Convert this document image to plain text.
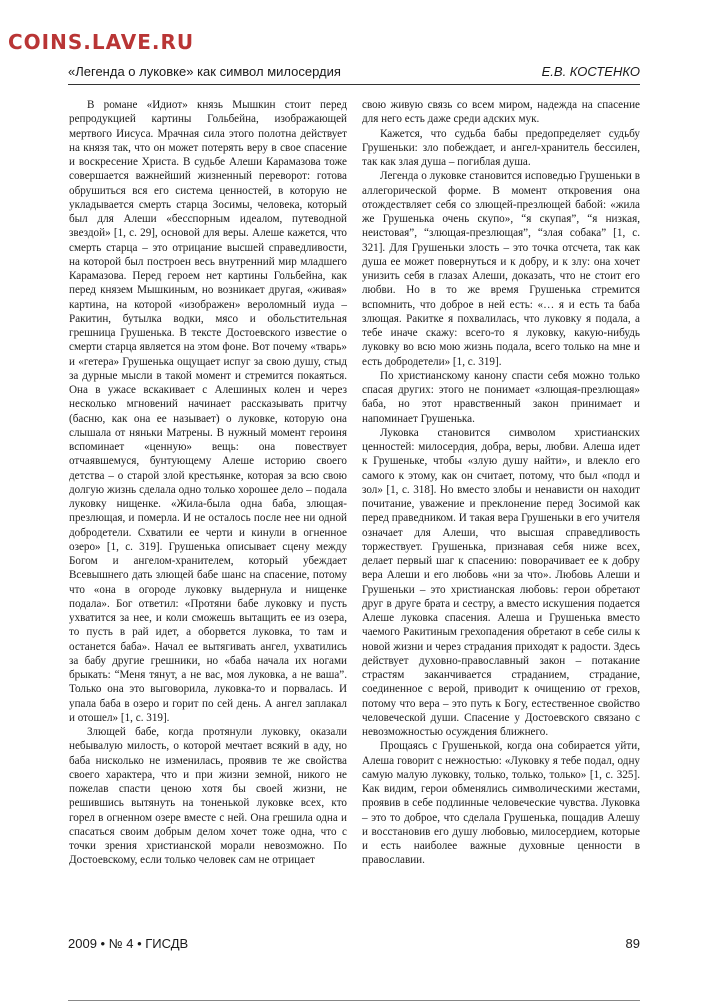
COINS.LAVE.RU
«Легенда о луковке» как символ милосердия	Е.В. КОСТЕНКО

В романе «Идиот» князь Мышкин стоит перед репродукцией картины Гольбейна, изображающей мертвого Иисуса. Мрачная сила этого полотна действует на князя так, что он может потерять веру в свое спасение и воскресение Христа. В судьбе Алеши Карамазова тоже совершается важнейший жизненный переворот: готова обрушиться вся его система ценностей, в которую не укладывается смерть старца Зосимы, человека, который был для Алеши «бесспорным идеалом, путеводной звездой» [1, с. 29], основой для веры. Алеше кажется, что смерть старца – это отрицание высшей справедливости, на которой был построен весь внутренний мир младшего Карамазова. Перед героем нет картины Гольбейна, как перед князем Мышкиным, но возникает другая, «живая» картина, на которой «изображен» вероломный иуда – Ракитин, бутылка водки, мясо и обольстительная грешница Грушенька. В тексте Достоевского известие о смерти старца является на этом фоне. Вот почему «тварь» и «гетера» Грушенька ощущает испуг за свою душу, стыд за дурные мысли в такой момент и стремится покаяться. Она в ужасе вскакивает с Алешиных колен и через несколько мгновений начинает рассказывать притчу (басню, как она ее называет) о луковке, которую она слышала от няньки Матрены. В нужный момент героиня вспоминает «ценную» вещь: она повествует отчаявшемуся, бунтующему Алеше историю своего детства – о старой злой крестьянке, которая за всю свою долгую жизнь сделала одно только хорошее дело – подала луковку нищенке. «Жила-была одна баба, злющая-презлющая, и померла. И не осталось после нее ни одной добродетели. Схватили ее черти и кинули в огненное озеро» [1, с. 319]. Грушенька описывает сцену между Богом и ангелом-хранителем, который убеждает Всевышнего дать злющей бабе шанс на спасение, потому что «она в огороде луковку выдернула и нищенке подала». Бог ответил: «Протяни бабе луковку и пусть ухватится за нее, и коли сможешь вытащить ее из озера, то пусть в рай идет, а оборвется луковка, то там и останется баба». Начал ее вытягивать ангел, ухватились за бабу другие грешники, но «баба начала их ногами брыкать: “Меня тянут, а не вас, моя луковка, а не ваша”. Только она это выговорила, луковка-то и порвалась. И упала баба в озеро и горит по сей день. А ангел заплакал и отошел» [1, с. 319].

Злющей бабе, когда протянули луковку, оказали небывалую милость, о которой мечтает всякий в аду, но баба нисколько не изменилась, проявив те же свойства своего характера, что и при жизни земной, никого не пожелав спасти ценою хотя бы своей жизни, не решившись вытянуть на тоненькой луковке всех, кто горел в огненном озере вместе с ней. Она грешила одна и спасаться своим добрым делом хочет тоже одна, что с точки зрения христианской морали невозможно. По Достоевскому, если только человек сам не отрицает

свою живую связь со всем миром, надежда на спасение для него есть даже среди адских мук.

Кажется, что судьба бабы предопределяет судьбу Грушеньки: зло побеждает, и ангел-хранитель бессилен, так как злая душа – погиблая душа.

Легенда о луковке становится исповедью Грушеньки в аллегорической форме. В момент откровения она отождествляет себя со злющей-презлющей бабой: «жила же Грушенька очень скупо», “я скупая”, “я низкая, неистовая”, “злющая-презлющая”, “злая собака” [1, с. 321]. Для Грушеньки злость – это точка отсчета, так как душа ее может повернуться и к добру, и к злу: она хочет унизить себя в глазах Алеши, доказать, что не стоит его любви. Но в то же время Грушенька стремится вспомнить, что доброе в ней есть: «… я и есть та баба злющая. Ракитке я похвалилась, что луковку я подала, а тебе иначе скажу: всего-то я луковку, какую-нибудь луковку во всю мою жизнь подала, всего только на мне и есть добродетели» [1, с. 319].

По христианскому канону спасти себя можно только спасая других: этого не понимает «злющая-презлющая» баба, но этот нравственный закон принимает и напоминает Грушенька.

Луковка становится символом христианских ценностей: милосердия, добра, веры, любви. Алеша идет к Грушеньке, чтобы «злую душу найти», и влекло его самого к этому, как он считает, потому, что был «подл и зол» [1, с. 318]. Но вместо злобы и ненависти он находит почитание, уважение и преклонение перед Зосимой как перед праведником. И такая вера Грушеньки в его учителя означает для Алеши, что высшая справедливость торжествует. Грушенька, признавая себя ниже всех, делает первый шаг к спасению: поворачивает ее к добру вера Алеши и его любовь «ни за что». Любовь Алеши и Грушеньки – это христианская любовь: герои обретают друг в друге брата и сестру, а вместо искушения подается Алеше луковка спасения. Алеша и Грушенька вместо чаемого Ракитиным грехопадения обретают в себе силы к новой жизни и через страдания приходят к радости. Здесь действует духовно-православный закон – потакание страстям заканчивается страданием, страдание, соединенное с верой, приводит к очищению от грехов, потому что вера – это путь к Богу, естественное свойство человеческой души. Спасение у Достоевского связано с невозможностью осуждения ближнего.

Прощаясь с Грушенькой, когда она собирается уйти, Алеша говорит с нежностью: «Луковку я тебе подал, одну самую малую луковку, только, только, только» [1, с. 325]. Как видим, герои обменялись символическими жестами, проявив в себе подлинные человеческие чувства. Луковка – это то доброе, что сделала Грушенька, пощадив Алешу и восстановив его душу любовью, милосердием, которые и есть наиболее важные духовные ценности в православии.

2009 • № 4 • ГИСДВ	89
